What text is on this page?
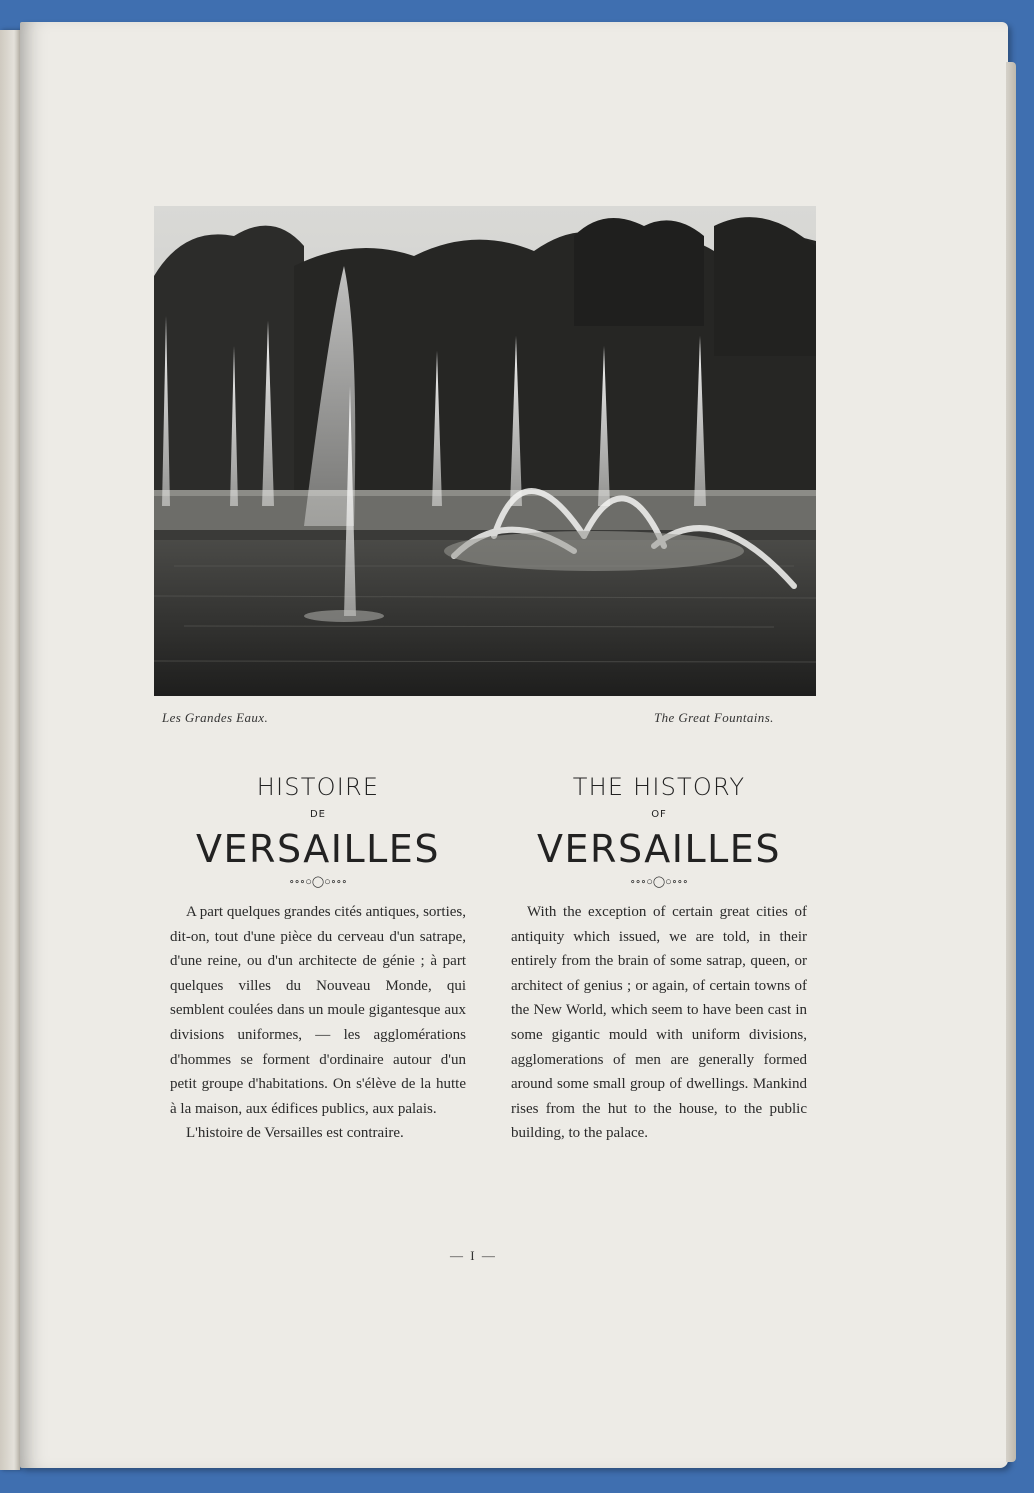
Les Grandes Eaux.	The Great Fountains.
HISTOIRE
DE
VERSAILLES
∘∘∘○◯○∘∘∘

A part quelques grandes cités antiques, sorties, dit-on, tout d'une pièce du cerveau d'un satrape, d'une reine, ou d'un architecte de génie ; à part quelques villes du Nouveau Monde, qui semblent coulées dans un moule gigantesque aux divisions uniformes, — les agglomérations d'hommes se forment d'ordinaire autour d'un petit groupe d'habitations. On s'élève de la hutte à la maison, aux édifices publics, aux palais.

L'histoire de Versailles est contraire.

THE HISTORY
OF
VERSAILLES
∘∘∘○◯○∘∘∘

With the exception of certain great cities of antiquity which issued, we are told, in their entirely from the brain of some satrap, queen, or architect of genius ; or again, of certain towns of the New World, which seem to have been cast in some gigantic mould with uniform divisions, agglomerations of men are generally formed around some small group of dwellings. Mankind rises from the hut to the house, to the public building, to the palace.

— I —
